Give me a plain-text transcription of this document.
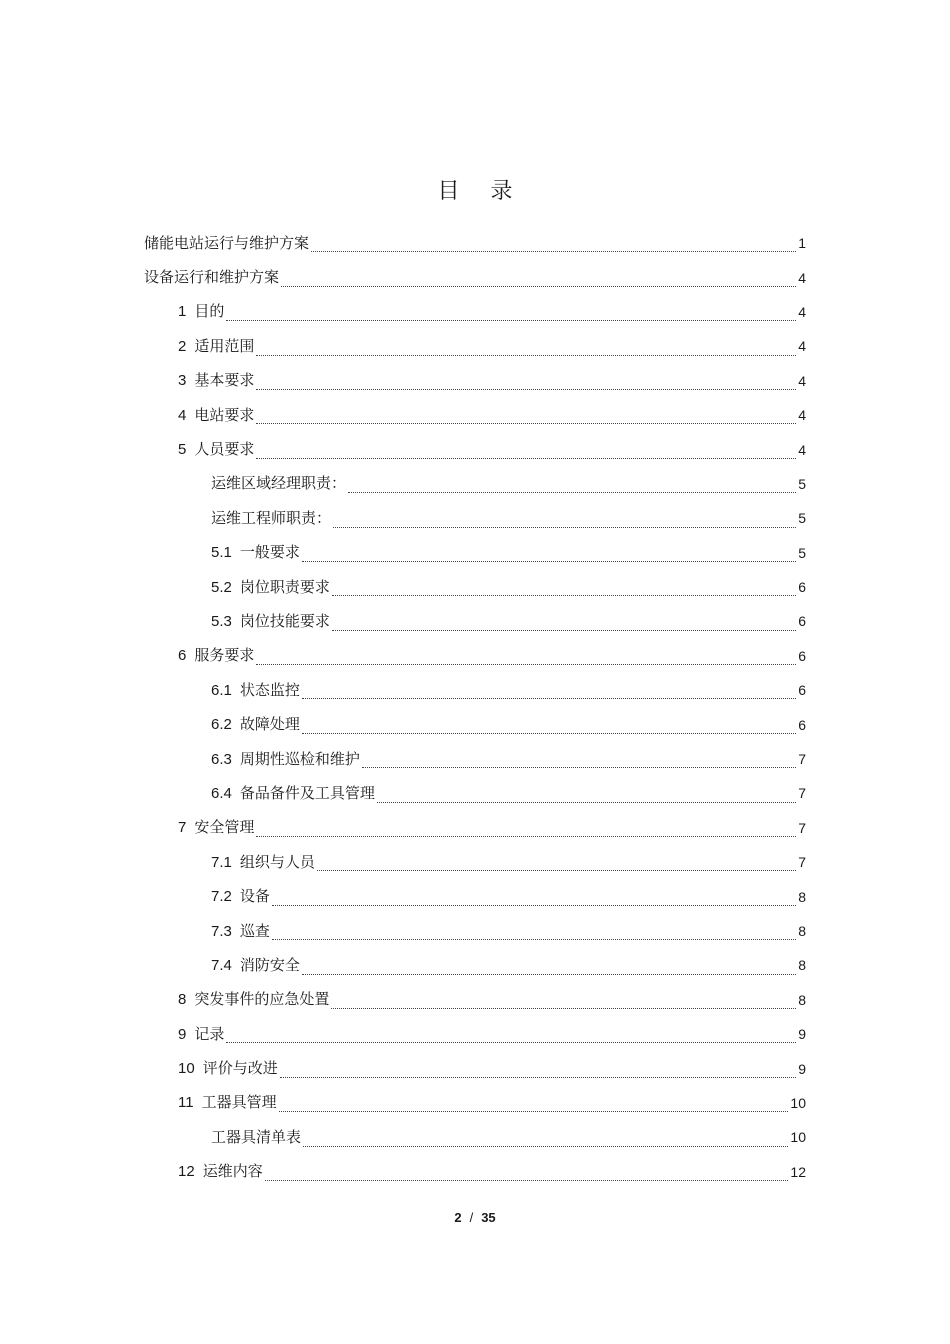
目 录
储能电站运行与维护方案	1
设备运行和维护方案	4
1 目的	4
2 适用范围	4
3 基本要求	4
4 电站要求	4
5 人员要求	4
运维区域经理职责：	5
运维工程师职责：	5
5.1 一般要求	5
5.2 岗位职责要求	6
5.3 岗位技能要求	6
6 服务要求	6
6.1 状态监控	6
6.2 故障处理	6
6.3 周期性巡检和维护	7
6.4 备品备件及工具管理	7
7 安全管理	7
7.1 组织与人员	7
7.2 设备	8
7.3 巡查	8
7.4 消防安全	8
8 突发事件的应急处置	8
9 记录	9
10 评价与改进	9
11 工器具管理	10
工器具清单表	10
12 运维内容	12
2 / 35
